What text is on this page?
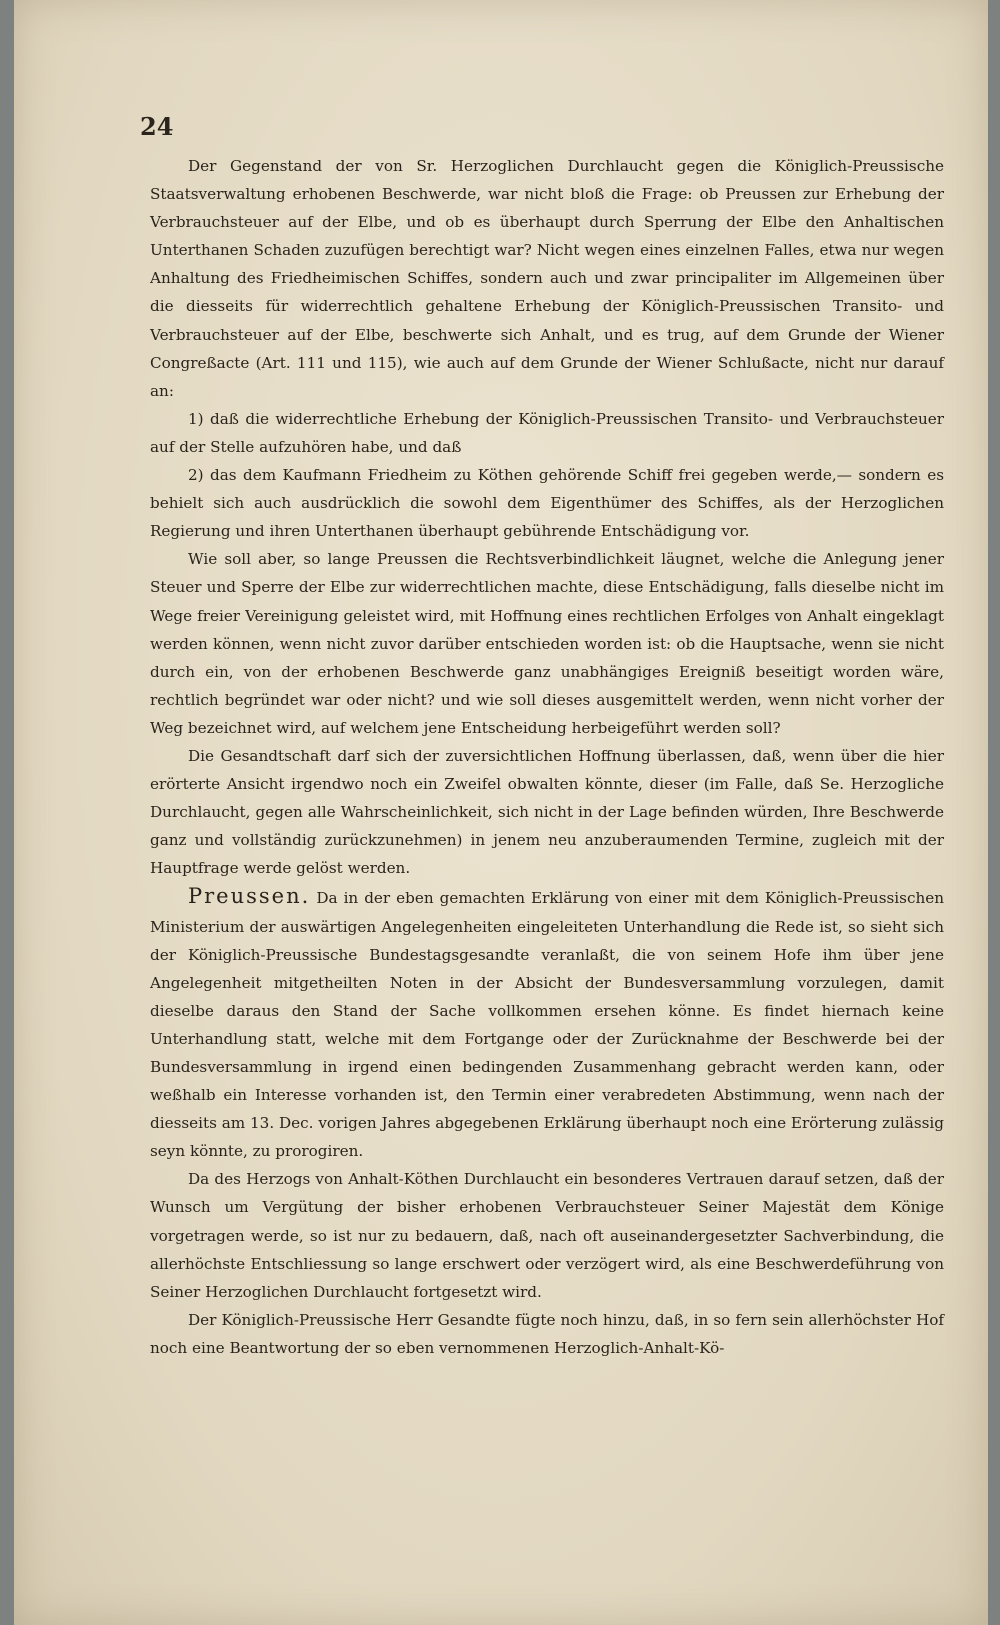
24

Der Gegenstand der von Sr. Herzoglichen Durchlaucht gegen die Königlich-Preussische Staatsverwaltung erhobenen Beschwerde, war nicht bloß die Frage: ob Preussen zur Erhebung der Verbrauchsteuer auf der Elbe, und ob es überhaupt durch Sperrung der Elbe den Anhaltischen Unterthanen Schaden zuzufügen berechtigt war? Nicht wegen eines einzelnen Falles, etwa nur wegen Anhaltung des Friedheimischen Schiffes, sondern auch und zwar principaliter im Allgemeinen über die diesseits für widerrechtlich gehaltene Erhebung der Königlich-Preussischen Transito- und Verbrauchsteuer auf der Elbe, beschwerte sich Anhalt, und es trug, auf dem Grunde der Wiener Congreßacte (Art. 111 und 115), wie auch auf dem Grunde der Wiener Schlußacte, nicht nur darauf an:

1) daß die widerrechtliche Erhebung der Königlich-Preussischen Transito- und Verbrauchsteuer auf der Stelle aufzuhören habe, und daß

2) das dem Kaufmann Friedheim zu Köthen gehörende Schiff frei gegeben werde,— sondern es behielt sich auch ausdrücklich die sowohl dem Eigenthümer des Schiffes, als der Herzoglichen Regierung und ihren Unterthanen überhaupt gebührende Entschädigung vor.

Wie soll aber, so lange Preussen die Rechtsverbindlichkeit läugnet, welche die Anlegung jener Steuer und Sperre der Elbe zur widerrechtlichen machte, diese Entschädigung, falls dieselbe nicht im Wege freier Vereinigung geleistet wird, mit Hoffnung eines rechtlichen Erfolges von Anhalt eingeklagt werden können, wenn nicht zuvor darüber entschieden worden ist: ob die Hauptsache, wenn sie nicht durch ein, von der erhobenen Beschwerde ganz unabhängiges Ereigniß beseitigt worden wäre, rechtlich begründet war oder nicht? und wie soll dieses ausgemittelt werden, wenn nicht vorher der Weg bezeichnet wird, auf welchem jene Entscheidung herbeigeführt werden soll?

Die Gesandtschaft darf sich der zuversichtlichen Hoffnung überlassen, daß, wenn über die hier erörterte Ansicht irgendwo noch ein Zweifel obwalten könnte, dieser (im Falle, daß Se. Herzogliche Durchlaucht, gegen alle Wahrscheinlichkeit, sich nicht in der Lage befinden würden, Ihre Beschwerde ganz und vollständig zurückzunehmen) in jenem neu anzuberaumenden Termine, zugleich mit der Hauptfrage werde gelöst werden.

Preussen. Da in der eben gemachten Erklärung von einer mit dem Königlich-Preussischen Ministerium der auswärtigen Angelegenheiten eingeleiteten Unterhandlung die Rede ist, so sieht sich der Königlich-Preussische Bundestagsgesandte veranlaßt, die von seinem Hofe ihm über jene Angelegenheit mitgetheilten Noten in der Absicht der Bundesversammlung vorzulegen, damit dieselbe daraus den Stand der Sache vollkommen ersehen könne. Es findet hiernach keine Unterhandlung statt, welche mit dem Fortgange oder der Zurücknahme der Beschwerde bei der Bundesversammlung in irgend einen bedingenden Zusammenhang gebracht werden kann, oder weßhalb ein Interesse vorhanden ist, den Termin einer verabredeten Abstimmung, wenn nach der diesseits am 13. Dec. vorigen Jahres abgegebenen Erklärung überhaupt noch eine Erörterung zulässig seyn könnte, zu prorogiren.

Da des Herzogs von Anhalt-Köthen Durchlaucht ein besonderes Vertrauen darauf setzen, daß der Wunsch um Vergütung der bisher erhobenen Verbrauchsteuer Seiner Majestät dem Könige vorgetragen werde, so ist nur zu bedauern, daß, nach oft auseinandergesetzter Sachverbindung, die allerhöchste Entschliessung so lange erschwert oder verzögert wird, als eine Beschwerdeführung von Seiner Herzoglichen Durchlaucht fortgesetzt wird.

Der Königlich-Preussische Herr Gesandte fügte noch hinzu, daß, in so fern sein allerhöchster Hof noch eine Beantwortung der so eben vernommenen Herzoglich-Anhalt-Kö-
